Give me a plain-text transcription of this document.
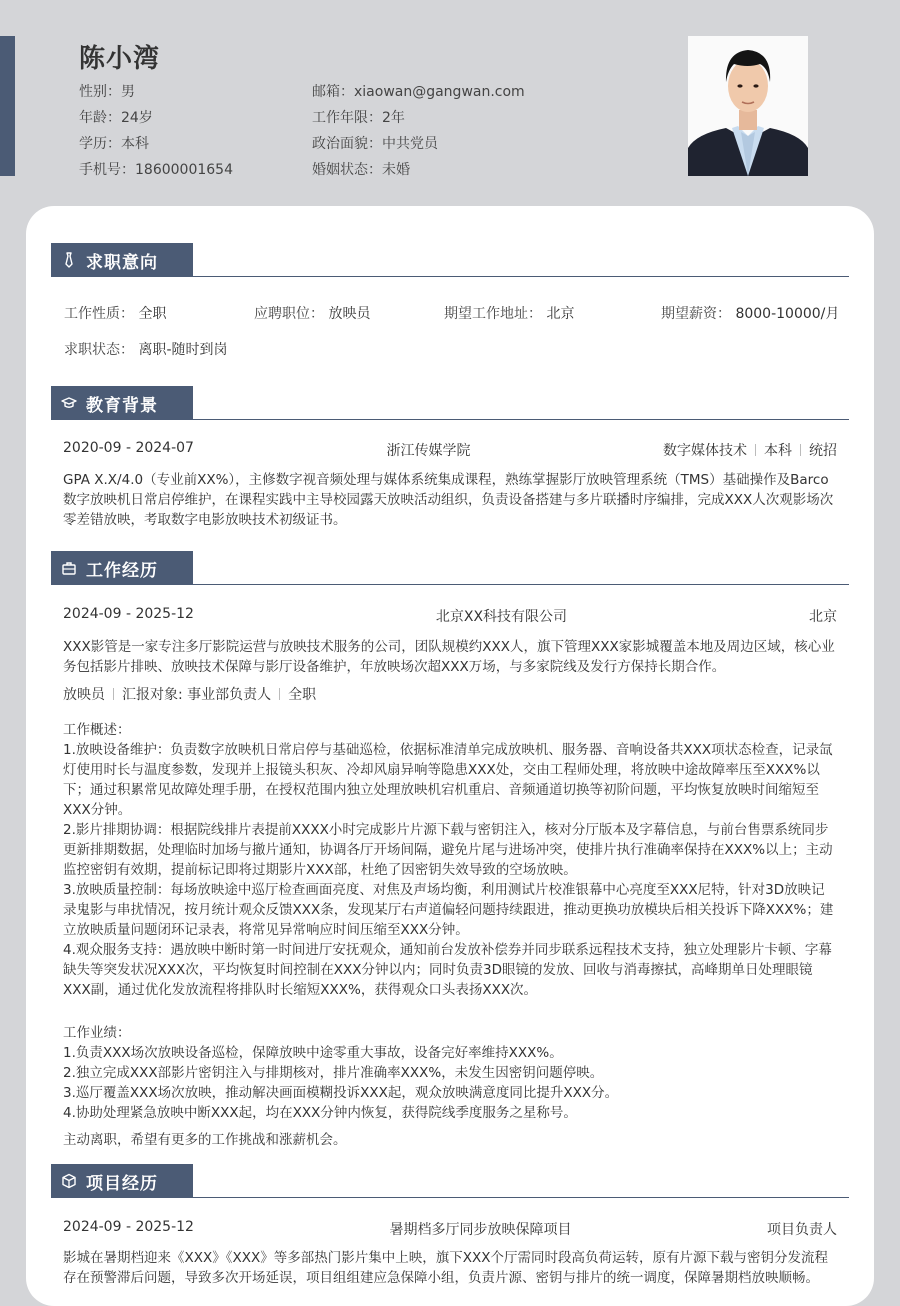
陈小湾
性别：男
年龄：24岁
学历：本科
手机号：18600001654
邮箱：xiaowan@gangwan.com
工作年限：2年
政治面貌：中共党员
婚姻状态：未婚
求职意向
工作性质： 全职	应聘职位： 放映员	期望工作地址： 北京	期望薪资： 8000-10000/月
求职状态： 离职-随时到岗
教育背景
2020-09 - 2024-07	浙江传媒学院	数字媒体技术 本科 统招
GPA X.X/4.0（专业前XX%），主修数字视音频处理与媒体系统集成课程，熟练掌握影厅放映管理系统（TMS）基础操作及Barco数字放映机日常启停维护，在课程实践中主导校园露天放映活动组织，负责设备搭建与多片联播时序编排，完成XXX人次观影场次零差错放映，考取数字电影放映技术初级证书。
工作经历
2024-09 - 2025-12	北京XX科技有限公司	北京
XXX影管是一家专注多厅影院运营与放映技术服务的公司，团队规模约XXX人，旗下管理XXX家影城覆盖本地及周边区域，核心业务包括影片排映、放映技术保障与影厅设备维护，年放映场次超XXX万场，与多家院线及发行方保持长期合作。
放映员 汇报对象: 事业部负责人 全职
工作概述：
1.放映设备维护：负责数字放映机日常启停与基础巡检，依据标准清单完成放映机、服务器、音响设备共XXX项状态检查，记录氙灯使用时长与温度参数，发现并上报镜头积灰、冷却风扇异响等隐患XXX处，交由工程师处理，将放映中途故障率压至XXX%以下；通过积累常见故障处理手册，在授权范围内独立处理放映机宕机重启、音频通道切换等初阶问题，平均恢复放映时间缩短至XXX分钟。
2.影片排期协调：根据院线排片表提前XXXX小时完成影片片源下载与密钥注入，核对分厅版本及字幕信息，与前台售票系统同步更新排期数据，处理临时加场与撤片通知，协调各厅开场间隔，避免片尾与进场冲突，使排片执行准确率保持在XXX%以上；主动监控密钥有效期，提前标记即将过期影片XXX部，杜绝了因密钥失效导致的空场放映。
3.放映质量控制：每场放映途中巡厅检查画面亮度、对焦及声场均衡，利用测试片校准银幕中心亮度至XXX尼特，针对3D放映记录鬼影与串扰情况，按月统计观众反馈XXX条，发现某厅右声道偏轻问题持续跟进，推动更换功放模块后相关投诉下降XXX%；建立放映质量问题闭环记录表，将常见异常响应时间压缩至XXX分钟。
4.观众服务支持：遇放映中断时第一时间进厅安抚观众，通知前台发放补偿券并同步联系远程技术支持，独立处理影片卡顿、字幕缺失等突发状况XXX次，平均恢复时间控制在XXX分钟以内；同时负责3D眼镜的发放、回收与消毒擦拭，高峰期单日处理眼镜XXX副，通过优化发放流程将排队时长缩短XXX%，获得观众口头表扬XXX次。
工作业绩：
1.负责XXX场次放映设备巡检，保障放映中途零重大事故，设备完好率维持XXX%。
2.独立完成XXX部影片密钥注入与排期核对，排片准确率XXX%，未发生因密钥问题停映。
3.巡厅覆盖XXX场次放映，推动解决画面模糊投诉XXX起，观众放映满意度同比提升XXX分。
4.协助处理紧急放映中断XXX起，均在XXX分钟内恢复，获得院线季度服务之星称号。
主动离职，希望有更多的工作挑战和涨薪机会。
项目经历
2024-09 - 2025-12	暑期档多厅同步放映保障项目	项目负责人
影城在暑期档迎来《XXX》《XXX》等多部热门影片集中上映，旗下XXX个厅需同时段高负荷运转，原有片源下载与密钥分发流程存在预警滞后问题，导致多次开场延误，项目组组建应急保障小组，负责片源、密钥与排片的统一调度，保障暑期档放映顺畅。
